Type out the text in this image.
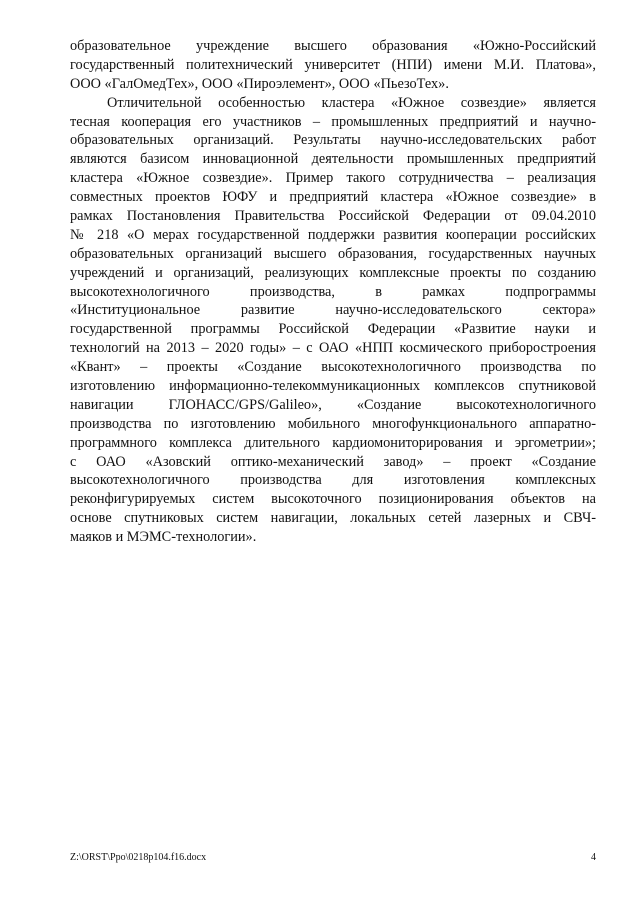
образовательное учреждение высшего образования «Южно-Российский
государственный политехнический университет (НПИ) имени М.И. Платова»,
ООО «ГалОмедТех», ООО «Пироэлемент», ООО «ПьезоТех».
Отличительной особенностью кластера «Южное созвездие» является
тесная кооперация его участников – промышленных предприятий и научно-
образовательных организаций. Результаты научно-исследовательских работ
являются базисом инновационной деятельности промышленных предприятий
кластера «Южное созвездие». Пример такого сотрудничества – реализация
совместных проектов ЮФУ и предприятий кластера «Южное созвездие» в
рамках Постановления Правительства Российской Федерации от 09.04.2010
№ 218 «О мерах государственной поддержки развития кооперации российских
образовательных организаций высшего образования, государственных научных
учреждений и организаций, реализующих комплексные проекты по созданию
высокотехнологичного производства, в рамках подпрограммы
«Институциональное развитие научно-исследовательского сектора»
государственной программы Российской Федерации «Развитие науки и
технологий на 2013 – 2020 годы» – с ОАО «НПП космического приборостроения
«Квант» – проекты «Создание высокотехнологичного производства по
изготовлению информационно-телекоммуникационных комплексов спутниковой
навигации ГЛОНАСС/GPS/Galileo», «Создание высокотехнологичного
производства по изготовлению мобильного многофункционального аппаратно-
программного комплекса длительного кардиомониторирования и эргометрии»;
с ОАО «Азовский оптико-механический завод» – проект «Создание
высокотехнологичного производства для изготовления комплексных
реконфигурируемых систем высокоточного позиционирования объектов на
основе спутниковых систем навигации, локальных сетей лазерных и СВЧ-
маяков и МЭМС-технологии».
Z:\ORST\Ppo\0218p104.f16.docx	4
